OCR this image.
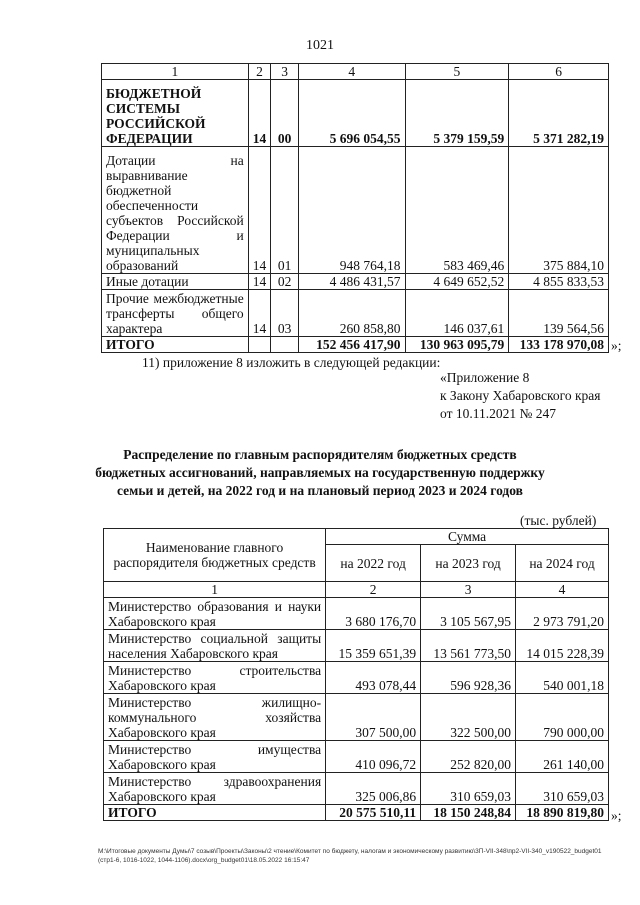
1021
1	2	3	4	5	6
БЮДЖЕТНОЙ СИСТЕМЫ РОССИЙСКОЙ ФЕДЕРАЦИИ	14	00	5 696 054,55	5 379 159,59	5 371 282,19
Дотации на выравнивание бюджетной обеспеченности субъектов Российской Федерации и муниципальных образований	14	01	948 764,18	583 469,46	375 884,10
Иные дотации	14	02	4 486 431,57	4 649 652,52	4 855 833,53
Прочие межбюджетные трансферты общего характера	14	03	260 858,80	146 037,61	139 564,56
ИТОГО			152 456 417,90	130 963 095,79	133 178 970,08 »;
11) приложение 8 изложить в следующей редакции:
«Приложение 8
к Закону Хабаровского края
от 10.11.2021 № 247
Распределение по главным распорядителям бюджетных средств
бюджетных ассигнований, направляемых на государственную поддержку
семьи и детей, на 2022 год и на плановый период 2023 и 2024 годов
(тыс. рублей)
Наименование главного распорядителя бюджетных средств	Сумма		
	на 2022 год	на 2023 год	на 2024 год
1	2	3	4
Министерство образования и науки Хабаровского края	3 680 176,70	3 105 567,95	2 973 791,20
Министерство социальной защиты населения Хабаровского края	15 359 651,39	13 561 773,50	14 015 228,39
Министерство строительства Хабаровского края	493 078,44	596 928,36	540 001,18
Министерство жилищно-коммунального хозяйства Хабаровского края	307 500,00	322 500,00	790 000,00
Министерство имущества Хабаровского края	410 096,72	252 820,00	261 140,00
Министерство здравоохранения Хабаровского края	325 006,86	310 659,03	310 659,03
ИТОГО	20 575 510,11	18 150 248,84	18 890 819,80 »;
М:\Итоговые документы Думы\7 созыв\Проекты\Законы\2 чтение\Комитет по бюджету, налогам и экономическому развитию\3П-VII-348\пр2-VII-340_v190522_budget01 (стр1-6, 1016-1022, 1044-1106).docx\org_budget01\18.05.2022 16:15:47
